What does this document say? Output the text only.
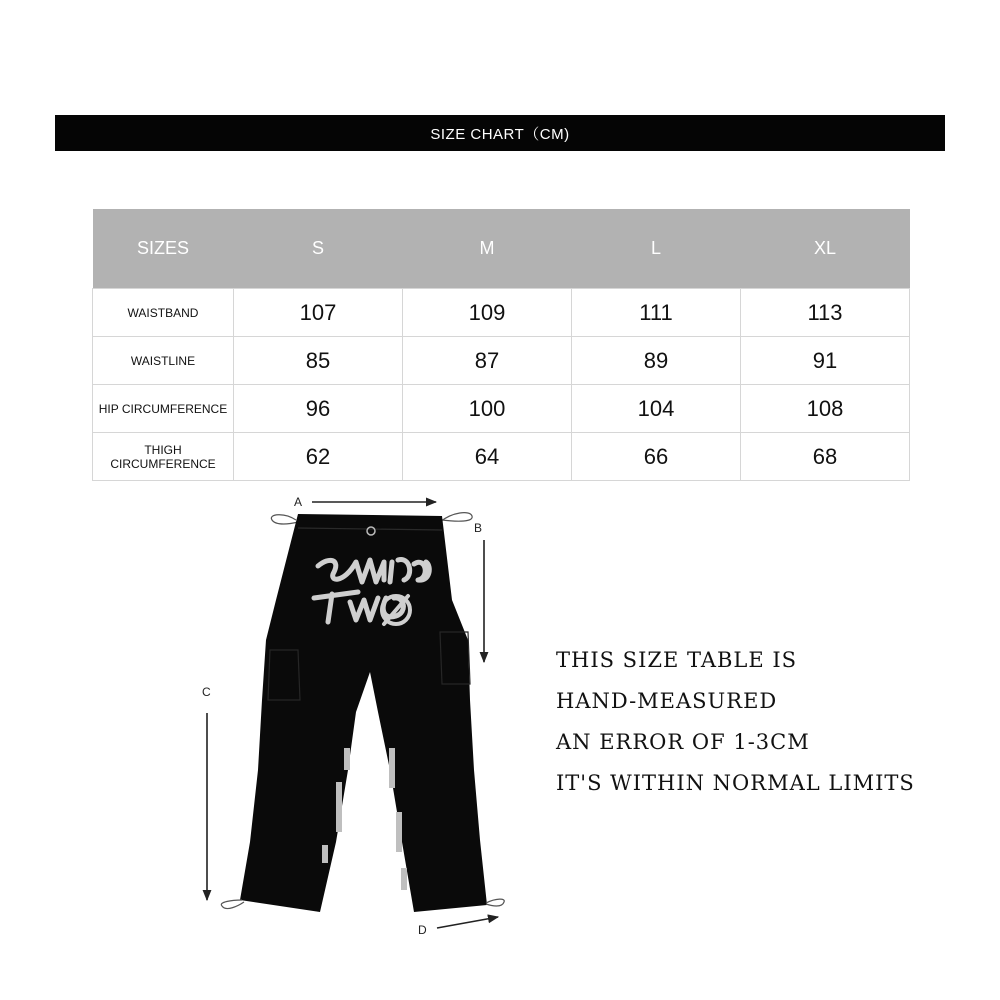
SIZE CHART（CM)
SIZES	S	M	L	XL
WAISTBAND	107	109	111	113
WAISTLINE	85	87	89	91
HIP CIRCUMFERENCE	96	100	104	108
THIGH CIRCUMFERENCE	62	64	66	68
A
B
C
D
THIS SIZE TABLE IS
HAND-MEASURED
AN ERROR OF 1-3CM
IT'S WITHIN NORMAL LIMITS
